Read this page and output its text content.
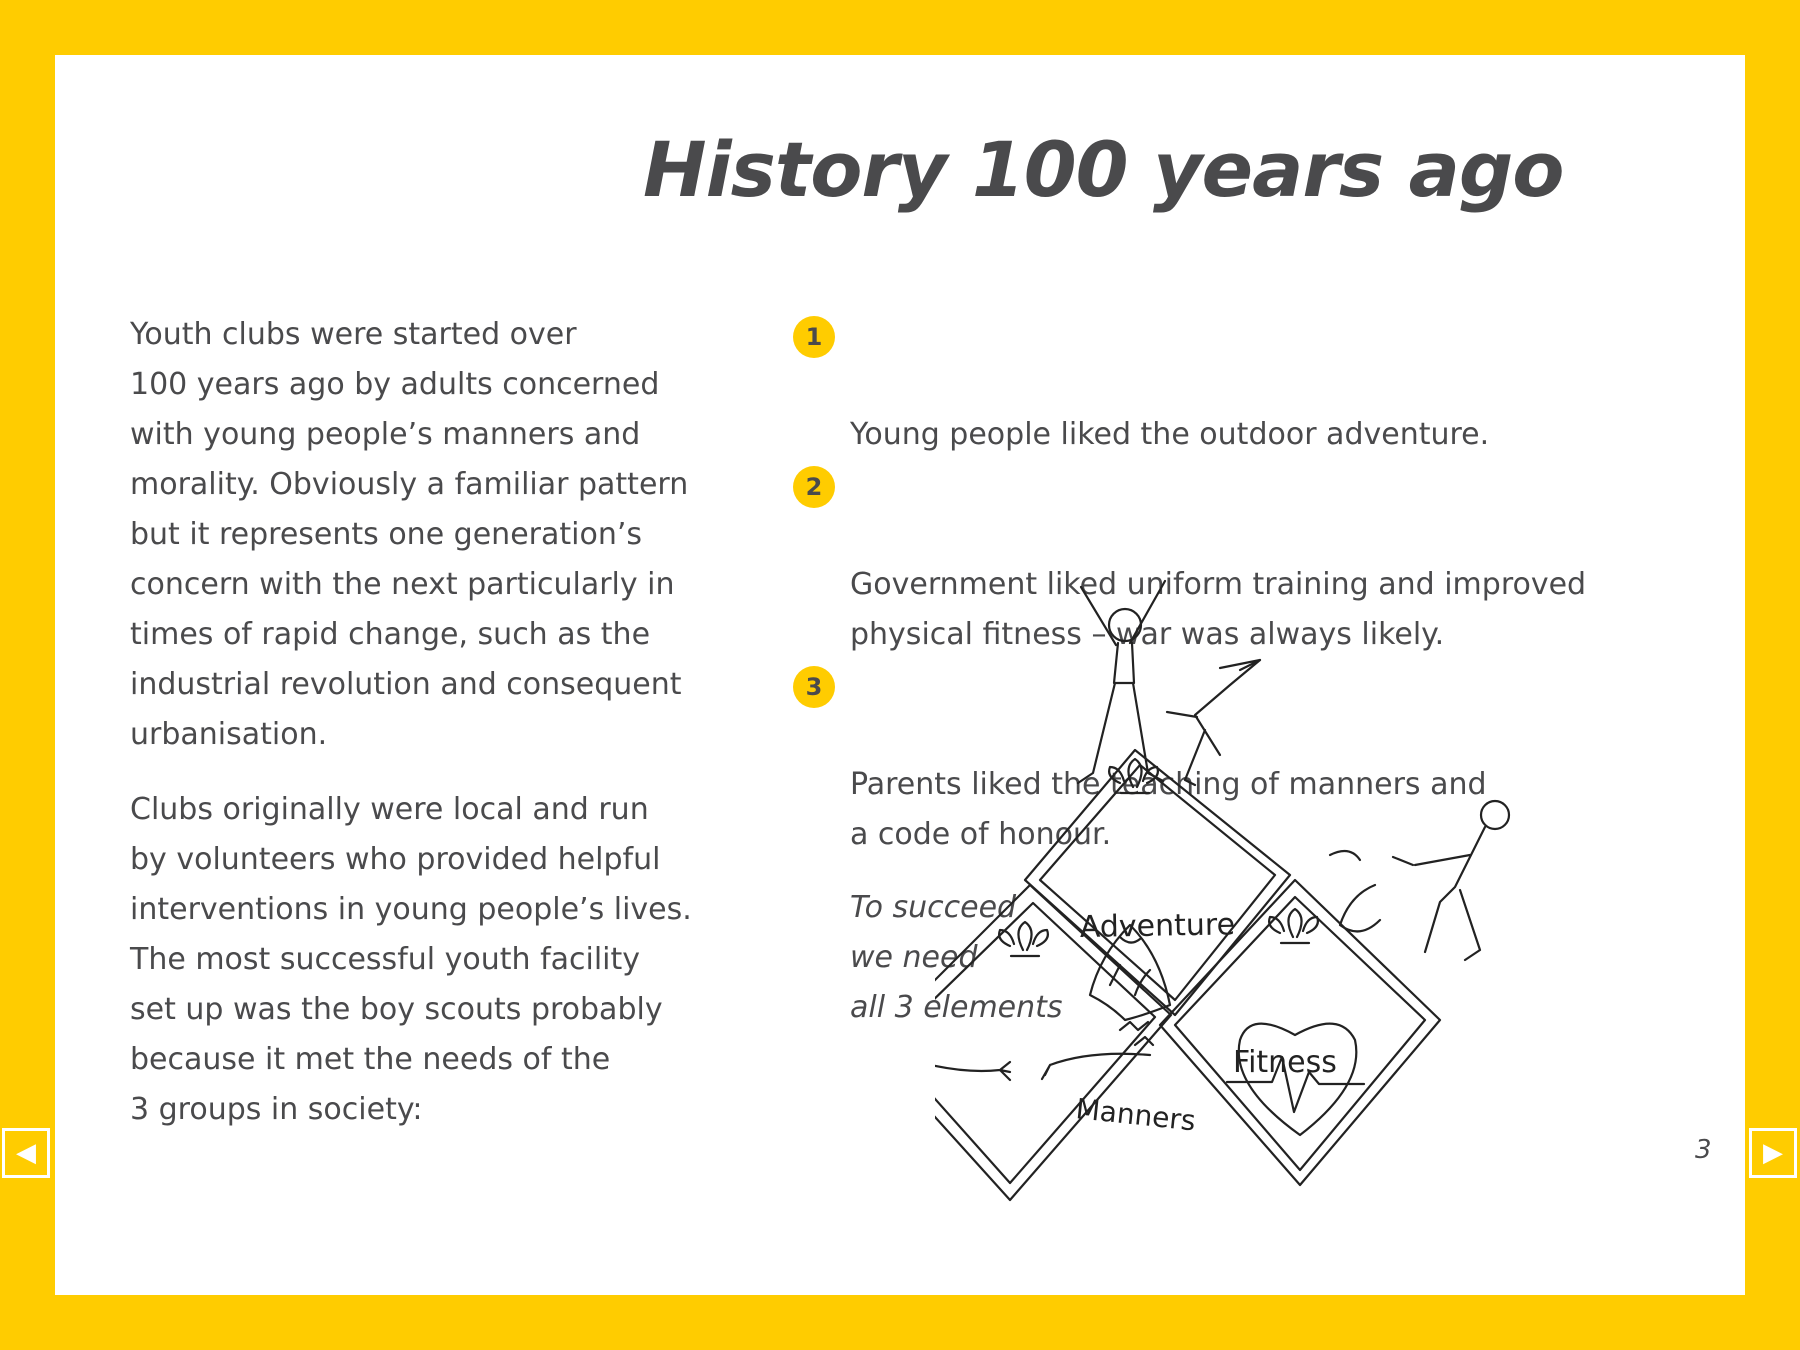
History 100 years ago

Youth clubs were started over
100 years ago by adults concerned
with young people’s manners and
morality. Obviously a familiar pattern
but it represents one generation’s
concern with the next particularly in
times of rapid change, such as the
industrial revolution and consequent
urbanisation.

Clubs originally were local and run
by volunteers who provided helpful
interventions in young people’s lives.
The most successful youth facility
set up was the boy scouts probably
because it met the needs of the
3 groups in society:

1

Young people liked the outdoor adventure.

2

Government liked uniform training and improved
physical fitness – war was always likely.

3

Parents liked the teaching of manners and
a code of honour.

To succeed
we need
all 3 elements

Adventure
Fitness
Manners
3
◀	▶
